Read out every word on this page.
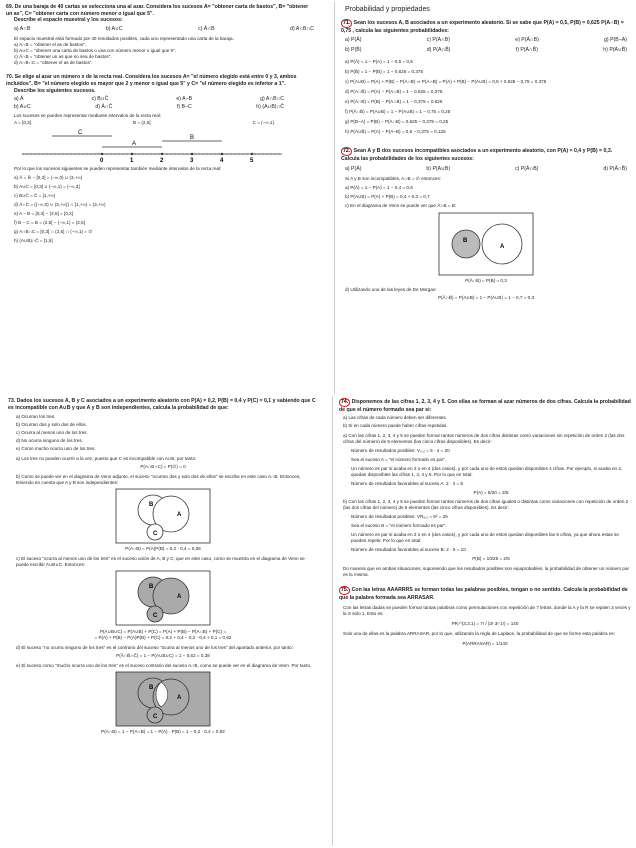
69. De una baraja de 40 cartas se selecciona una al azar. Considera los sucesos A= "obtener carta de bastos", B= "obtener un as", C= "obtener carta con número menor o igual que 5".

Describe el espacio muestral y los sucesos:

a) A∩B	b) A∪C	c) Ā∩B	d) A∩B∩C

El espacio muestral está formado por 40 resultados posibles, cada uno representado una carta de la baraja.

a) A∩B = "obtener el as de bastos".

b) A∪C = "obtener una carta de bastos o una con número menor o igual que 5".

c) Ā∩B = "obtener un as que no sea de bastos".

d) A∩B∩C = "obtener el as de bastos".

70. Se elige al azar un número x de la recta real. Considera los sucesos A= "el número elegido está entre 0 y 3, ambos incluidos", B= "el número elegido es mayor que 2 y menor o igual que 5" y C= "el número elegido es inferior a 1".

Describe los siguientes sucesos.

a) Ā	c) B∪C̄	e) A−B	g) A∩B∩C
b) A∪C	d) Ā∩C̄	f) B−C	h) (A∪B)∩C̄

Los sucesos se pueden representar mediante intervalos de la recta real:

A = [0,3]	B = (2,5]	C = (−∞,1)
C
A
B
0	1	2	3	4	5

Por lo que los sucesos siguientes se pueden representar también mediante intervalos de la recta real:

a) Ā = ℝ − [0,3] = (−∞,0) ∪ (3,+∞)

b) A∪C = [0,3] ∪ (−∞,1) = (−∞,3]

c) B∪C̄ = C̄ = [1,+∞)

d) Ā∩C̄ = ((−∞,0) ∪ (3,+∞)) ∩ [1,+∞) = (3,+∞)

e) A − B = [0,3] − (2,5] = [0,2]

f) B − C = B = (2,5] − (−∞,1) = (2,5]

g) A∩B∩C = [0,3] ∩ (2,5] ∩ (−∞,1) = ∅

h) (A∪B)∩C̄ = [1,5]

Probabilidad y propiedades

71. Sean los sucesos A, B asociados a un experimento aleatorio. Si se sabe que P(A) = 0,5, P(B) = 0,625 P(A∩B) = 0,75 , calcula las siguientes probabilidades:

a) P(Ā)	c) P(A∩B)	e) P(Ā∩B)	g) P(B−A)
b) P(B̄)	d) P(A∩B̄)	f) P(Ā∩B̄)	h) P(Ā∪B̄)

a) P(Ā) = 1 − P(A) = 1 − 0,5 = 0,5

b) P(B̄) = 1 − P(B) = 1 − 0,625 = 0,375

c) P(A∪B) = P(A) + P(B) − P(A∩B) ⇒ P(A∩B) = P(A) + P(B) − P(A∪B) = 0,5 + 0,625 − 0,75 = 0,375

d) P(A∩B̄) = P(A) − P(A∩B) = 1 − 0,625 = 0,375

e) P(Ā∩B) = P(B) − P(A∩B) = 1 − 0,375 = 0,625

f) P(Ā∩B̄) = P(A∪B) = 1 − P(A∪B) = 1 − 0,75 = 0,25

g) P(B−A) = P(B) − P(A∩B) = 0,625 − 0,375 = 0,25

h) P(Ā∪B̄) = P(A) − P(A−B) = 0,5 − 0,375 = 0,125

72. Sean A y B dos sucesos incompatibles asociados a un experimento aleatorio, con P(A) = 0,4 y P(B) = 0,3. Calcula las probabilidades de los siguientes sucesos:

a) P(Ā)	b) P(A∪B)	c) P(Ā∩B)	d) P(Ā∩B̄)

Si A y B son incompatibles, A∩B = ∅ entonces:

a) P(Ā) = 1 − P(A) = 1 − 0,4 = 0,6

b) P(A∪B) = P(A) + P(B) = 0,4 + 0,3 = 0,7

c) En el diagrama de Venn se puede ver que Ā∩B = B:

B
A

P(Ā∩B) = P(B) = 0,3

d) Utilizando una de las leyes de De Morgan:

P(Ā∩B̄) = P(A∪B) = 1 − P(A∪B) = 1 − 0,7 = 0,3

73. Dados los sucesos A, B y C asociados a un experimento aleatorio con P(A) = 0,2, P(B) = 0,4 y P(C) = 0,1 y sabiendo que C es incompatible con A∪B y que A y B son independientes, calcula la probabilidad de que:

a) Ocurran los tres.

b) Ocurran dos y solo dos de ellos.

c) Ocurra al menos uno de los tres.

d) No ocurra ninguno de los tres.

e) Como mucho ocurra uno de los tres.

a) Los tres no pueden ocurrir a la vez, puesto que C es incompatible con A∪B, por tanto:

P(A∩B∩C) = P(∅) = 0

b) Como se puede ver en el diagrama de Venn adjunto, el suceso "ocurran dos y solo dos de ellos" se escribe en este caso A∩B. Entonces, teniendo en cuenta que A y B son independientes:

B
A
C

P(A∩B) = P(A)P(B) = 0,2 · 0,4 = 0,08

c) El suceso "ocurra al menos uno de los tres" es el suceso unión de A, B y C, que en este caso, como se muestra en el diagrama de Venn se puede escribir A∪B∪C. Entonces:

B
A
C

P(A∪B∪C) = P(A∪B) + P(C) = P(A) + P(B) − P(A∩B) + P(C) =

= P(A) + P(B) − P(A)P(B) + P(C) = 0,2 + 0,4 − 0,2 · 0,4 + 0,1 = 0,62

d) El suceso "no ocurra ninguno de los tres" es el contrario del suceso "ocurra al menos uno de los tres" del apartado anterior, por tanto:

P(Ā∩B̄∩C̄) = 1 − P(A∪B∪C) = 1 − 0,62 = 0,38

e) El suceso como "mucho ocurra uno de los tres" es el suceso contrario del suceso A∩B, como se puede ver en el diagrama de Venn. Por tanto,

B
A
C

P(A∩B) = 1 − P(A∩B) = 1 − P(A) · P(B) = 1 − 0,2 · 0,4 = 0,92

74. Disponemos de las cifras 1, 2, 3, 4 y 5. Con ellas se forman al azar números de dos cifras. Calcula la probabilidad de que el número formado sea par si:

a) Las cifras de cada número deben ser diferentes.

b) Si en cada número puede haber cifras repetidas.

a) Con las cifras 1, 2, 3, 4 y 5 se pueden formar tantos números de dos cifras distintas como variaciones sin repetición de orden 2 (las dos cifras del número) de 5 elementos (las cinco cifras disponibles). Es decir:

Número de resultados posibles: V₅,₂ = 5 · 4 = 20

Sea el suceso A = "el número formado es par".

Un número es par si acaba en 2 o en 4 (dos casos), y por cada uno de estos quedan disponibles 4 cifras. Por ejemplo, si acaba en 2, quedan disponibles las cifras 1, 3, 4 y 5. Por lo que en total:

Número de resultados favorables al suceso A: 2 · 4 = 8

P(A) = 8/20 = 2/5

b) Con las cifras 1, 2, 3, 4 y 5 se pueden formar tantos números de dos cifras iguales o distintas como variaciones con repetición de orden 2 (las dos cifras del número) de 5 elementos (las cinco cifras disponibles). Es decir:

Número de resultados posibles: VR₅,₂ = 5² = 25

Sea el suceso B = "el número formado es par".

Un número es par si acaba en 2 o en 4 (dos casos), y por cada uno de estos quedan disponibles las 5 cifras, ya que ahora estas se pueden repetir. Por lo que en total:

Número de resultados favorables al suceso B: 2 · 5 = 10

P(B) = 10/25 = 2/5

Do manera que en ambas situaciones, suponiendo que los resultados posibles son equiprobables, la probabilidad de obtener un número par es la misma.

75. Con las letras AAARRRS se forman todas las palabras posibles, tengan o no sentido. Calcula la probabilidad de que la palabra formada sea ARRASAR.

Con las letras dadas se pueden formar tantas palabras como permutaciones con repetición de 7 letras, donde la A y la R se repiten 3 veces y la S solo 1. Esto es:

PR₇^(3,3,1) = 7! / (3!·3!·1!) = 140

Solo una de ellas es la palabra ARRASAR, por lo que, utilizando la regla de Laplace, la probabilidad de que se forme esta palabra es:

P(ARRASAR) = 1/140
